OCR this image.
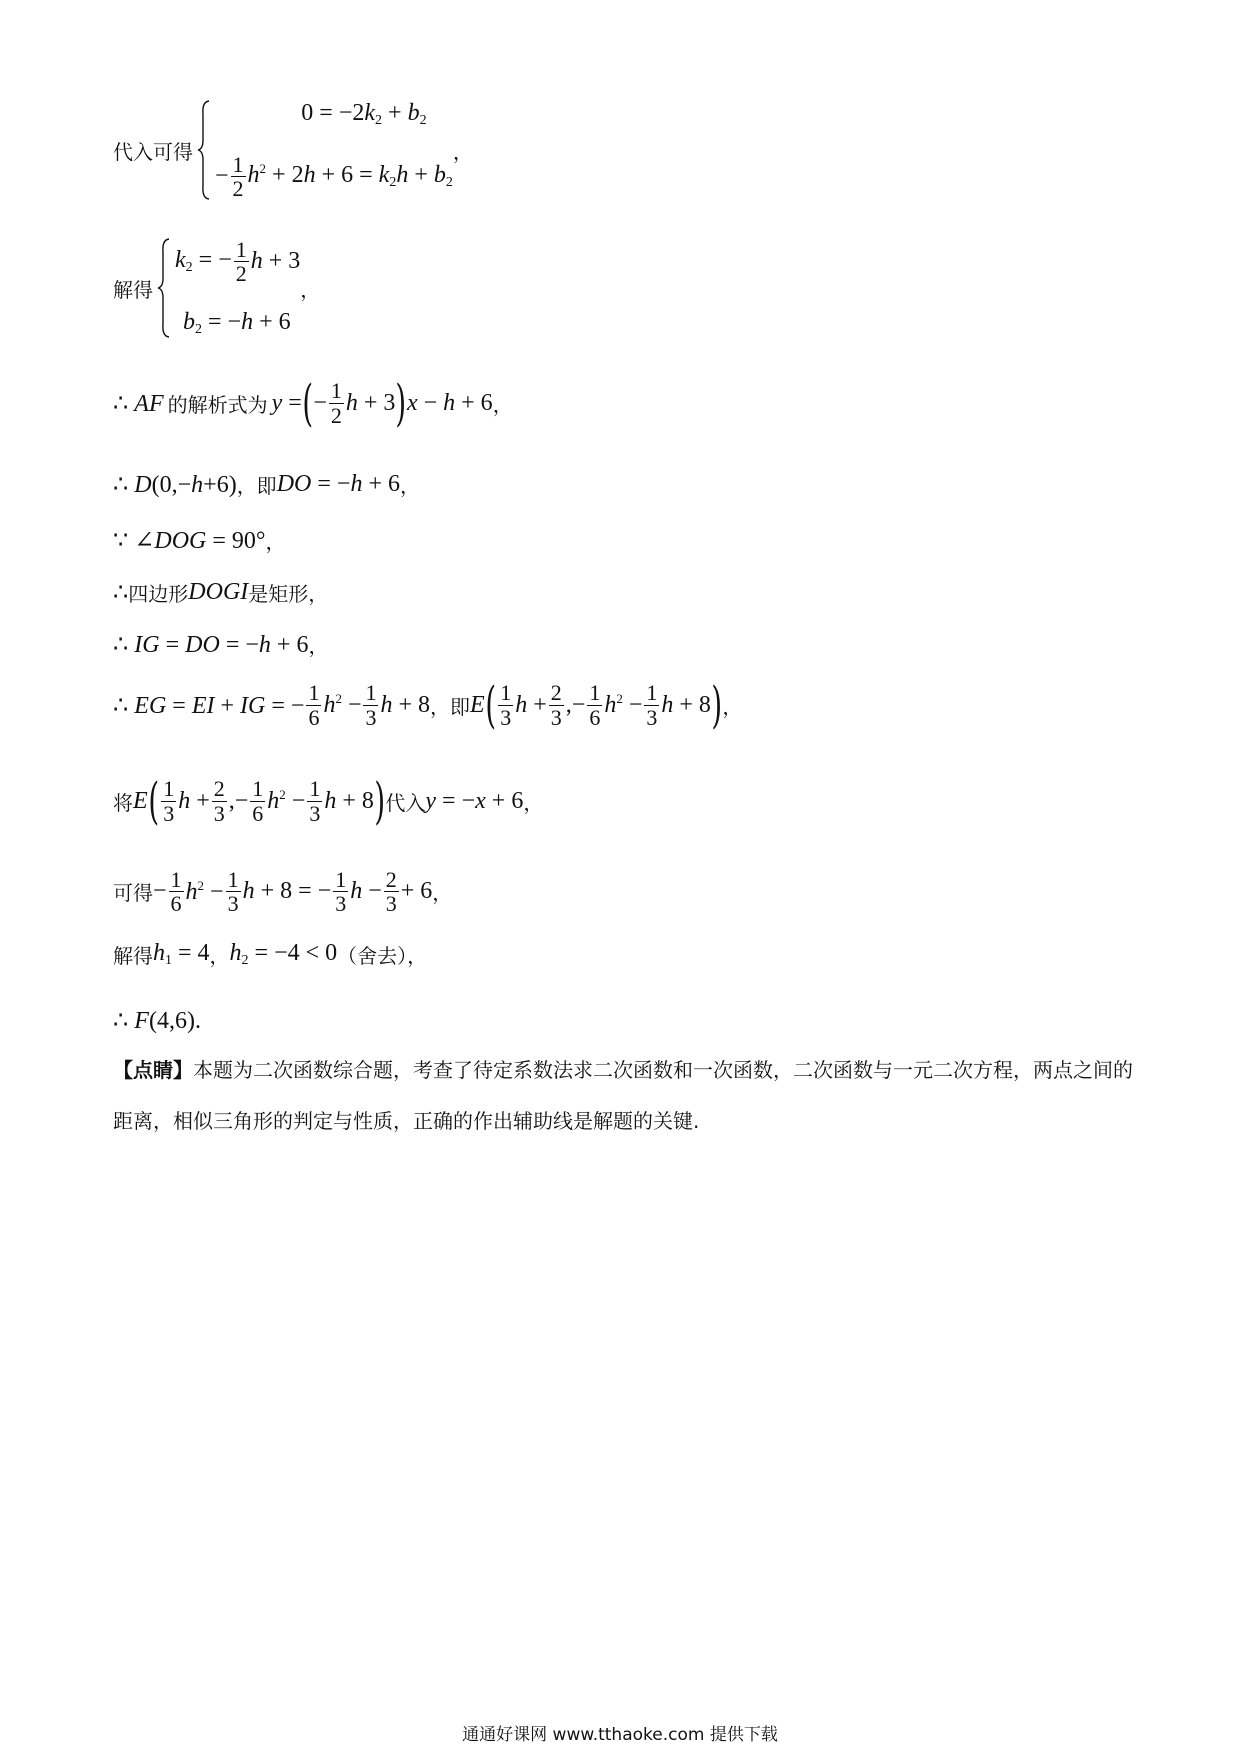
代入可得
$0 = -2k_2 + b_2$
− $\frac{1}{2} h^2 + 2h + 6 = k_2h + b_2$
，
解得
$k_2$ = − $\frac{1}{2}$ h + 3
$b_2 = -h + 6$
，
∴ AF 的解析式为 y = ( − $\frac{1}{2}$ h + 3 ) x − h + 6 ，
∴ D(0,−h+6) ，即 DO = −h + 6 ，
∵ ∠DOG = 90° ，
∴ 四边形 DOGI 是矩形，
∴ IG = DO = −h + 6 ，
∴ EG = EI + IG = − $\frac{1}{6} h^2 - \frac{1}{3}$ h + 8 ，即 E ( $\frac{1}{3}$ $h + \frac{2}{3}$ ,− $\frac{1}{6} h^2 - \frac{1}{3}$ h + 8 ) ，
将 E ( $\frac{1}{3}$ $h + \frac{2}{3}$ ,− $\frac{1}{6} h^2 - \frac{1}{3}$ h + 8 ) 代入 y = −x + 6 ，
可得 − $\frac{1}{6} h^2 - \frac{1}{3}$ h + 8 = − $\frac{1}{3}$ $h - \frac{2}{3} + 6$ ，
解得 $h_1 = 4$ ， $h_2 = -4 < 0$ （舍去），
∴ F(4,6).
【点睛】本题为二次函数综合题，考查了待定系数法求二次函数和一次函数，二次函数与一元二次方程，两点之间的距离，相似三角形的判定与性质，正确的作出辅助线是解题的关键.
通通好课网 www.tthaoke.com 提供下载
